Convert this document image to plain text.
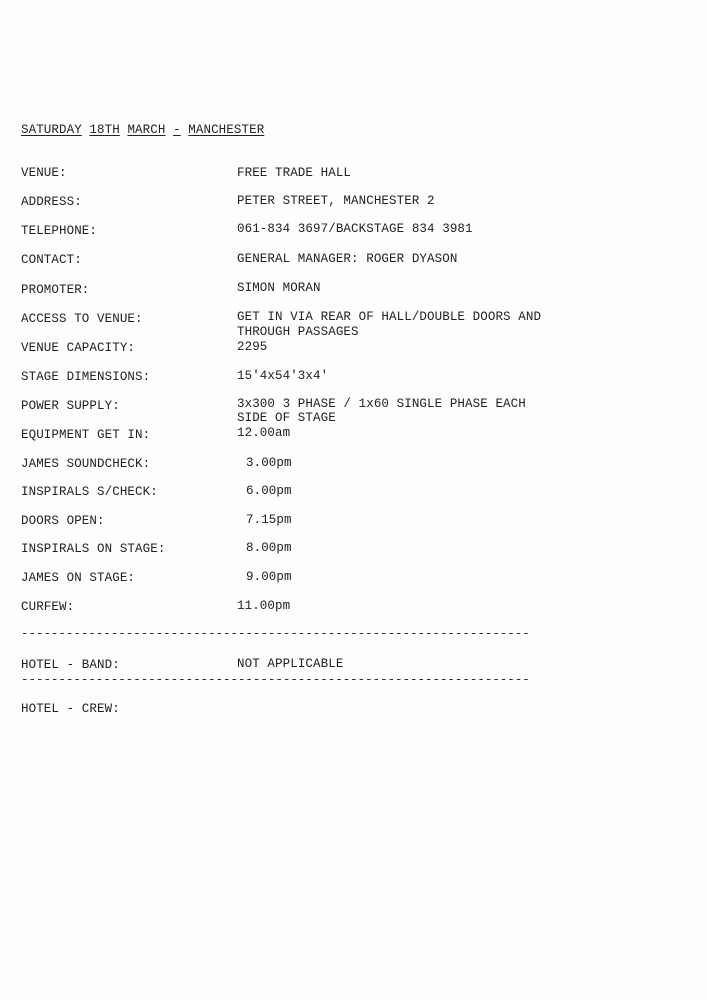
SATURDAY 18TH MARCH - MANCHESTER
VENUE:	FREE TRADE HALL
ADDRESS:	PETER STREET, MANCHESTER 2
TELEPHONE:	061-834 3697/BACKSTAGE 834 3981
CONTACT:	GENERAL MANAGER: ROGER DYASON
PROMOTER:	SIMON MORAN
ACCESS TO VENUE:	GET IN VIA REAR OF HALL/DOUBLE DOORS AND
THROUGH PASSAGES
VENUE CAPACITY:	2295
STAGE DIMENSIONS:	15'4x54'3x4'
POWER SUPPLY:	3x300 3 PHASE / 1x60 SINGLE PHASE EACH
SIDE OF STAGE
EQUIPMENT GET IN:	12.00am
JAMES SOUNDCHECK:	3.00pm
INSPIRALS S/CHECK:	6.00pm
DOORS OPEN:	7.15pm
INSPIRALS ON STAGE:	8.00pm
JAMES ON STAGE:	9.00pm
CURFEW:	11.00pm
--------------------------------------------------------------------
HOTEL - BAND:	NOT APPLICABLE
--------------------------------------------------------------------
HOTEL - CREW:
